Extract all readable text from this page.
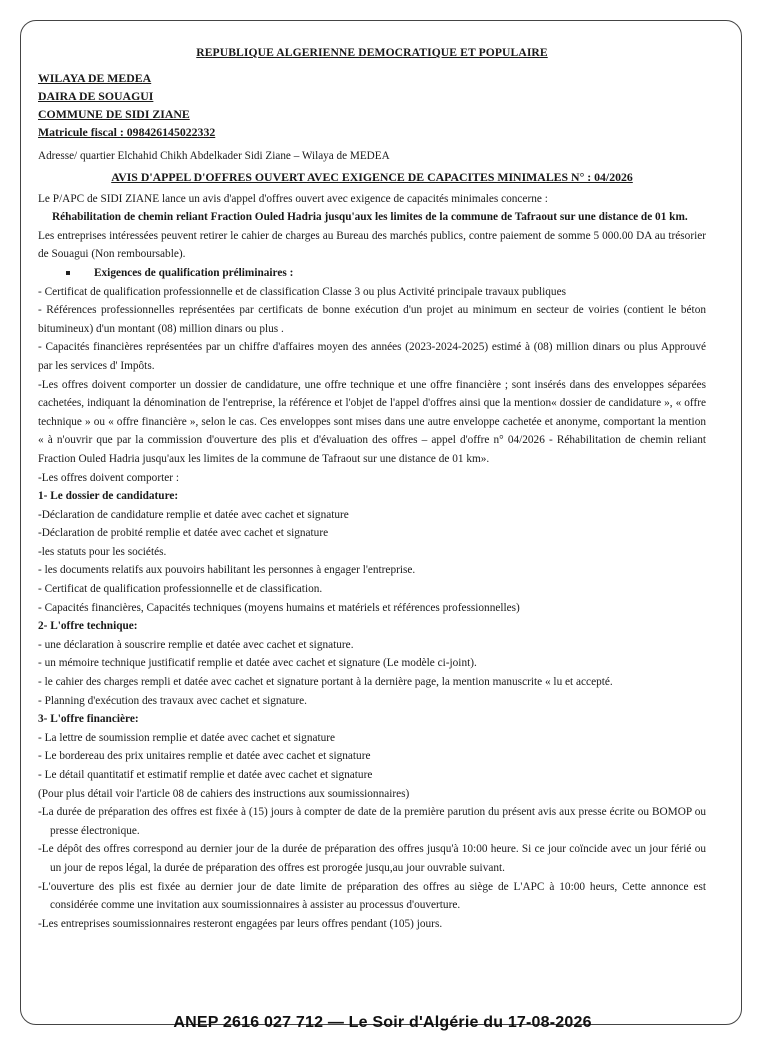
REPUBLIQUE ALGERIENNE DEMOCRATIQUE ET POPULAIRE

WILAYA DE MEDEA

DAIRA DE SOUAGUI

COMMUNE DE SIDI ZIANE

Matricule fiscal : 098426145022332

Adresse/ quartier Elchahid Chikh Abdelkader Sidi Ziane – Wilaya de MEDEA

AVIS D'APPEL D'OFFRES OUVERT AVEC EXIGENCE DE CAPACITES MINIMALES N° : 04/2026

Le P/APC de SIDI ZIANE lance un avis d'appel d'offres ouvert avec exigence de capacités minimales concerne :

Réhabilitation de chemin reliant Fraction Ouled Hadria jusqu'aux les limites de la commune de Tafraout sur une distance de 01 km.

Les entreprises intéressées peuvent retirer le cahier de charges au Bureau des marchés publics, contre paiement de somme 5 000.00 DA au trésorier de Souagui (Non remboursable).

Exigences de qualification préliminaires :

- Certificat de qualification professionnelle et de classification Classe 3 ou plus Activité principale travaux publiques

- Références professionnelles représentées par certificats de bonne exécution d'un projet au minimum en secteur de voiries (contient le béton bitumineux) d'un montant (08) million dinars ou plus .

- Capacités financières représentées par un chiffre d'affaires moyen des années (2023-2024-2025) estimé à (08) million dinars ou plus Approuvé par les services d' Impôts.

-Les offres doivent comporter un dossier de candidature, une offre technique et une offre financière ; sont insérés dans des enveloppes séparées cachetées, indiquant la dénomination de l'entreprise, la référence et l'objet de l'appel d'offres ainsi que la mention« dossier de candidature », « offre technique » ou « offre financière », selon le cas. Ces enveloppes sont mises dans une autre enveloppe cachetée et anonyme, comportant la mention « à n'ouvrir que par la commission d'ouverture des plis et d'évaluation des offres – appel d'offre n° 04/2026 - Réhabilitation de chemin reliant Fraction Ouled Hadria jusqu'aux les limites de la commune de Tafraout sur une distance de 01 km».

-Les offres doivent comporter :

1- Le dossier de candidature:

-Déclaration de candidature remplie et datée avec cachet et signature

-Déclaration de probité remplie et datée avec cachet et signature

-les statuts pour les sociétés.

- les documents relatifs aux pouvoirs habilitant les personnes à engager l'entreprise.

- Certificat de qualification professionnelle et de classification.

- Capacités financières, Capacités techniques (moyens humains et matériels et références professionnelles)

2- L'offre technique:

- une déclaration à souscrire remplie et datée avec cachet et signature.

- un mémoire technique justificatif remplie et datée avec cachet et signature (Le modèle ci-joint).

- le cahier des charges rempli et datée avec cachet et signature portant à la dernière page, la mention manuscrite « lu et accepté.

- Planning d'exécution des travaux avec cachet et signature.

3- L'offre financière:

- La lettre de soumission remplie et datée avec cachet et signature

- Le bordereau des prix unitaires remplie et datée avec cachet et signature

- Le détail quantitatif et estimatif remplie et datée avec cachet et signature

(Pour plus détail voir l'article 08 de cahiers des instructions aux soumissionnaires)

-La durée de préparation des offres est fixée à (15) jours à compter de date de la première parution du présent avis aux presse écrite ou BOMOP ou presse électronique.

-Le dépôt des offres correspond au dernier jour de la durée de préparation des offres jusqu'à 10:00 heure. Si ce jour coïncide avec un jour férié ou un jour de repos légal, la durée de préparation des offres est prorogée jusqu,au jour ouvrable suivant.

-L'ouverture des plis est fixée au dernier jour de date limite de préparation des offres au siège de L'APC à 10:00 heurs, Cette annonce est considérée comme une invitation aux soumissionnaires à assister au processus d'ouverture.

-Les entreprises soumissionnaires resteront engagées par leurs offres pendant (105) jours.

ANEP 2616 027 712 — Le Soir d'Algérie du 17-08-2026
